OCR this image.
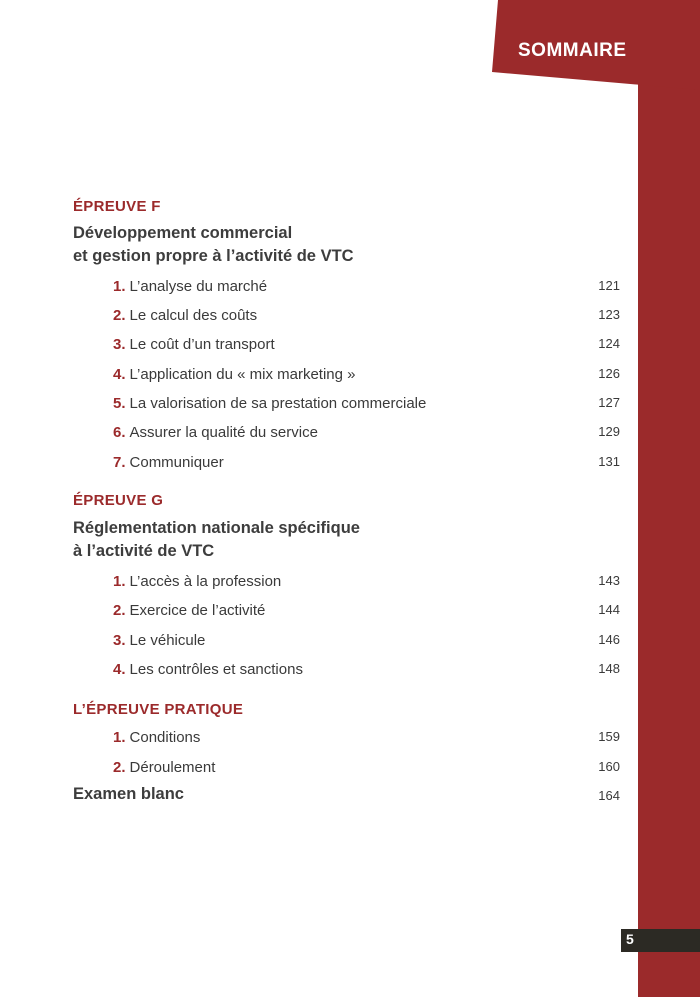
SOMMAIRE
ÉPREUVE F
Développement commercial
et gestion propre à l’activité de VTC
1. L’analyse du marché	121
2. Le calcul des coûts	123
3. Le coût d’un transport	124
4. L’application du « mix marketing »	126
5. La valorisation de sa prestation commerciale	127
6. Assurer la qualité du service	129
7. Communiquer	131
ÉPREUVE G
Réglementation nationale spécifique
à l’activité de VTC
1. L’accès à la profession	143
2. Exercice de l’activité	144
3. Le véhicule	146
4. Les contrôles et sanctions	148
L’ÉPREUVE PRATIQUE
1. Conditions	159
2. Déroulement	160
Examen blanc	164
5
